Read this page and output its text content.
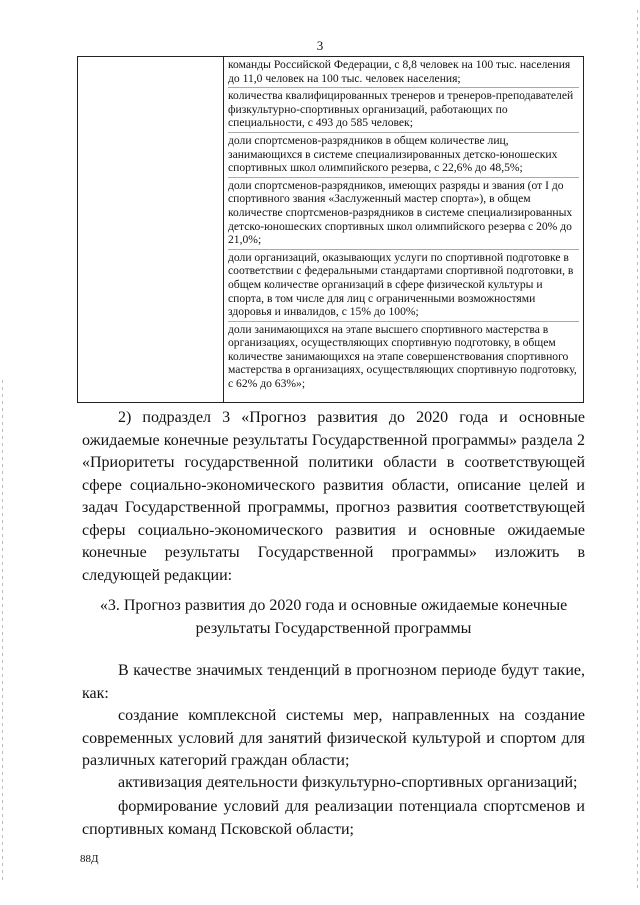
3
команды Российской Федерации, с 8,8 человек на 100 тыс. населения до 11,0 человек на 100 тыс. человек населения;
количества квалифицированных тренеров и тренеров-преподавателей физкультурно-спортивных организаций, работающих по специальности, с 493 до 585 человек;
доли спортсменов-разрядников в общем количестве лиц, занимающихся в системе специализированных детско-юношеских спортивных школ олимпийского резерва, с 22,6% до 48,5%;
доли спортсменов-разрядников, имеющих разряды и звания (от I до спортивного звания «Заслуженный мастер спорта»), в общем количестве спортсменов-разрядников в системе специализированных детско-юношеских спортивных школ олимпийского резерва с 20% до 21,0%;
доли организаций, оказывающих услуги по спортивной подготовке в соответствии с федеральными стандартами спортивной подготовки, в общем количестве организаций в сфере физической культуры и спорта, в том числе для лиц с ограниченными возможностями здоровья и инвалидов, с 15% до 100%;
доли занимающихся на этапе высшего спортивного мастерства в организациях, осуществляющих спортивную подготовку, в общем количестве занимающихся на этапе совершенствования спортивного мастерства в организациях, осуществляющих спортивную подготовку, с 62% до 63%»;
2) подраздел 3 «Прогноз развития до 2020 года и основные ожидаемые конечные результаты Государственной программы» раздела 2 «Приоритеты государственной политики области в соответствующей сфере социально-экономического развития области, описание целей и задач Государственной программы, прогноз развития соответствующей сферы социально-экономического развития и основные ожидаемые конечные результаты Государственной программы» изложить в следующей редакции:
«3. Прогноз развития до 2020 года и основные ожидаемые конечные
результаты Государственной программы
В качестве значимых тенденций в прогнозном периоде будут такие, как:
создание комплексной системы мер, направленных на создание современных условий для занятий физической культурой и спортом для различных категорий граждан области;
активизация деятельности физкультурно-спортивных организаций;
формирование условий для реализации потенциала спортсменов и спортивных команд Псковской области;
88Д
